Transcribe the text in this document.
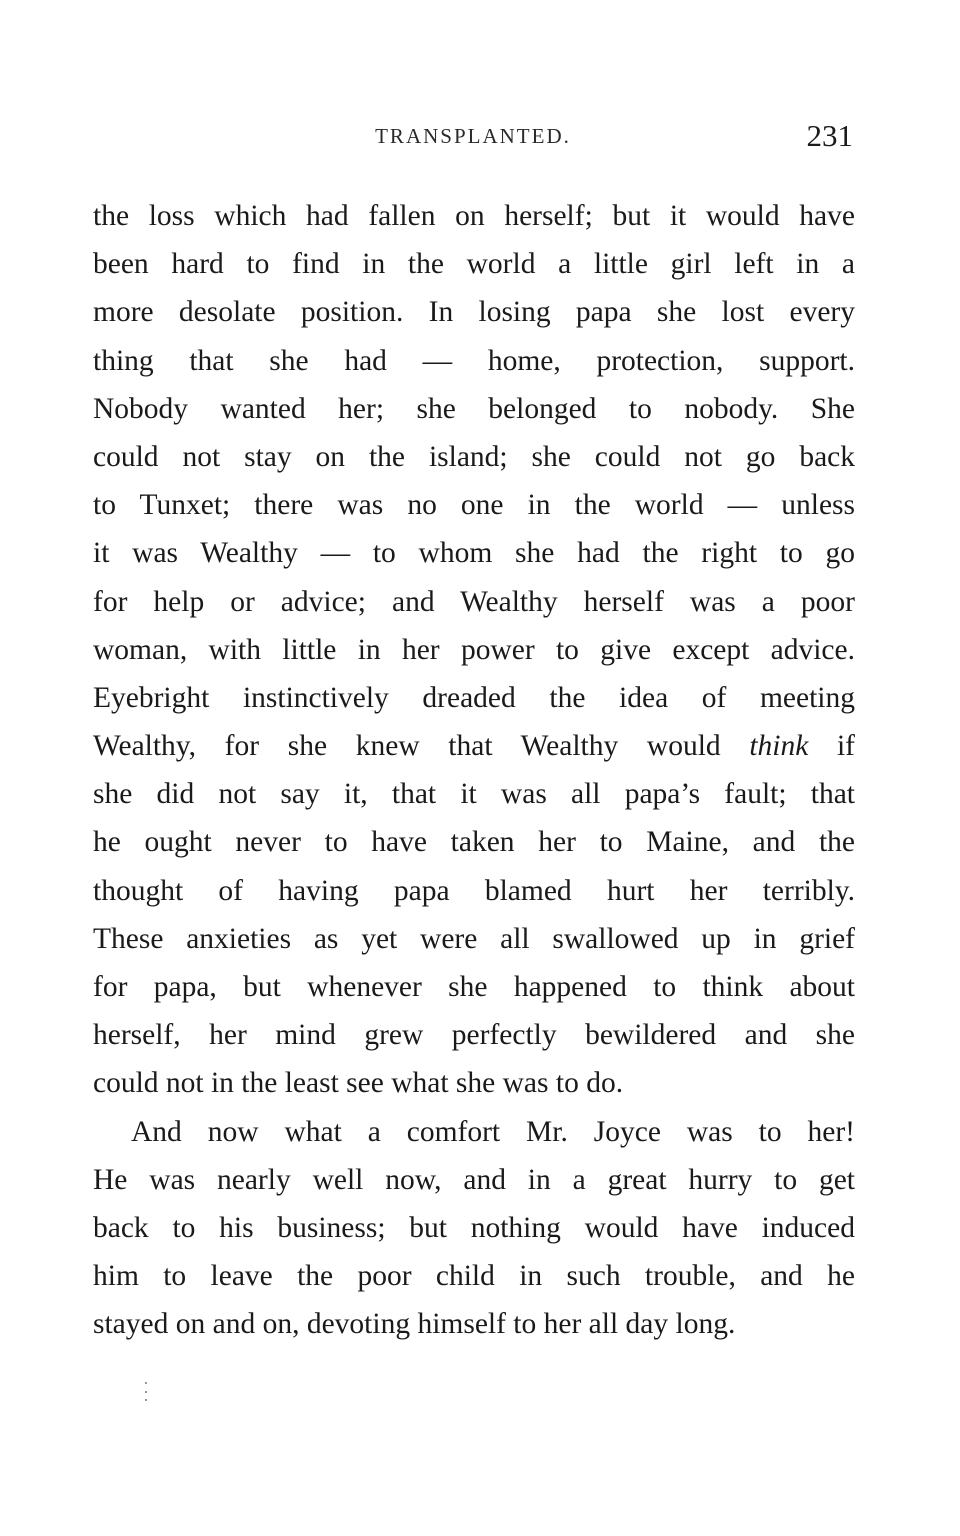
TRANSPLANTED.	231
the loss which had fallen on herself; but it would have
been hard to find in the world a little girl left in a
more desolate position. In losing papa she lost every
thing that she had — home, protection, support.
Nobody wanted her; she belonged to nobody. She
could not stay on the island; she could not go back
to Tunxet; there was no one in the world — unless
it was Wealthy — to whom she had the right to go
for help or advice; and Wealthy herself was a poor
woman, with little in her power to give except advice.
Eyebright instinctively dreaded the idea of meeting
Wealthy, for she knew that Wealthy would think if
she did not say it, that it was all papa’s fault; that
he ought never to have taken her to Maine, and the
thought of having papa blamed hurt her terribly.
These anxieties as yet were all swallowed up in grief
for papa, but whenever she happened to think about
herself, her mind grew perfectly bewildered and she
could not in the least see what she was to do.
And now what a comfort Mr. Joyce was to her!
He was nearly well now, and in a great hurry to get
back to his business; but nothing would have induced
him to leave the poor child in such trouble, and he
stayed on and on, devoting himself to her all day long.
